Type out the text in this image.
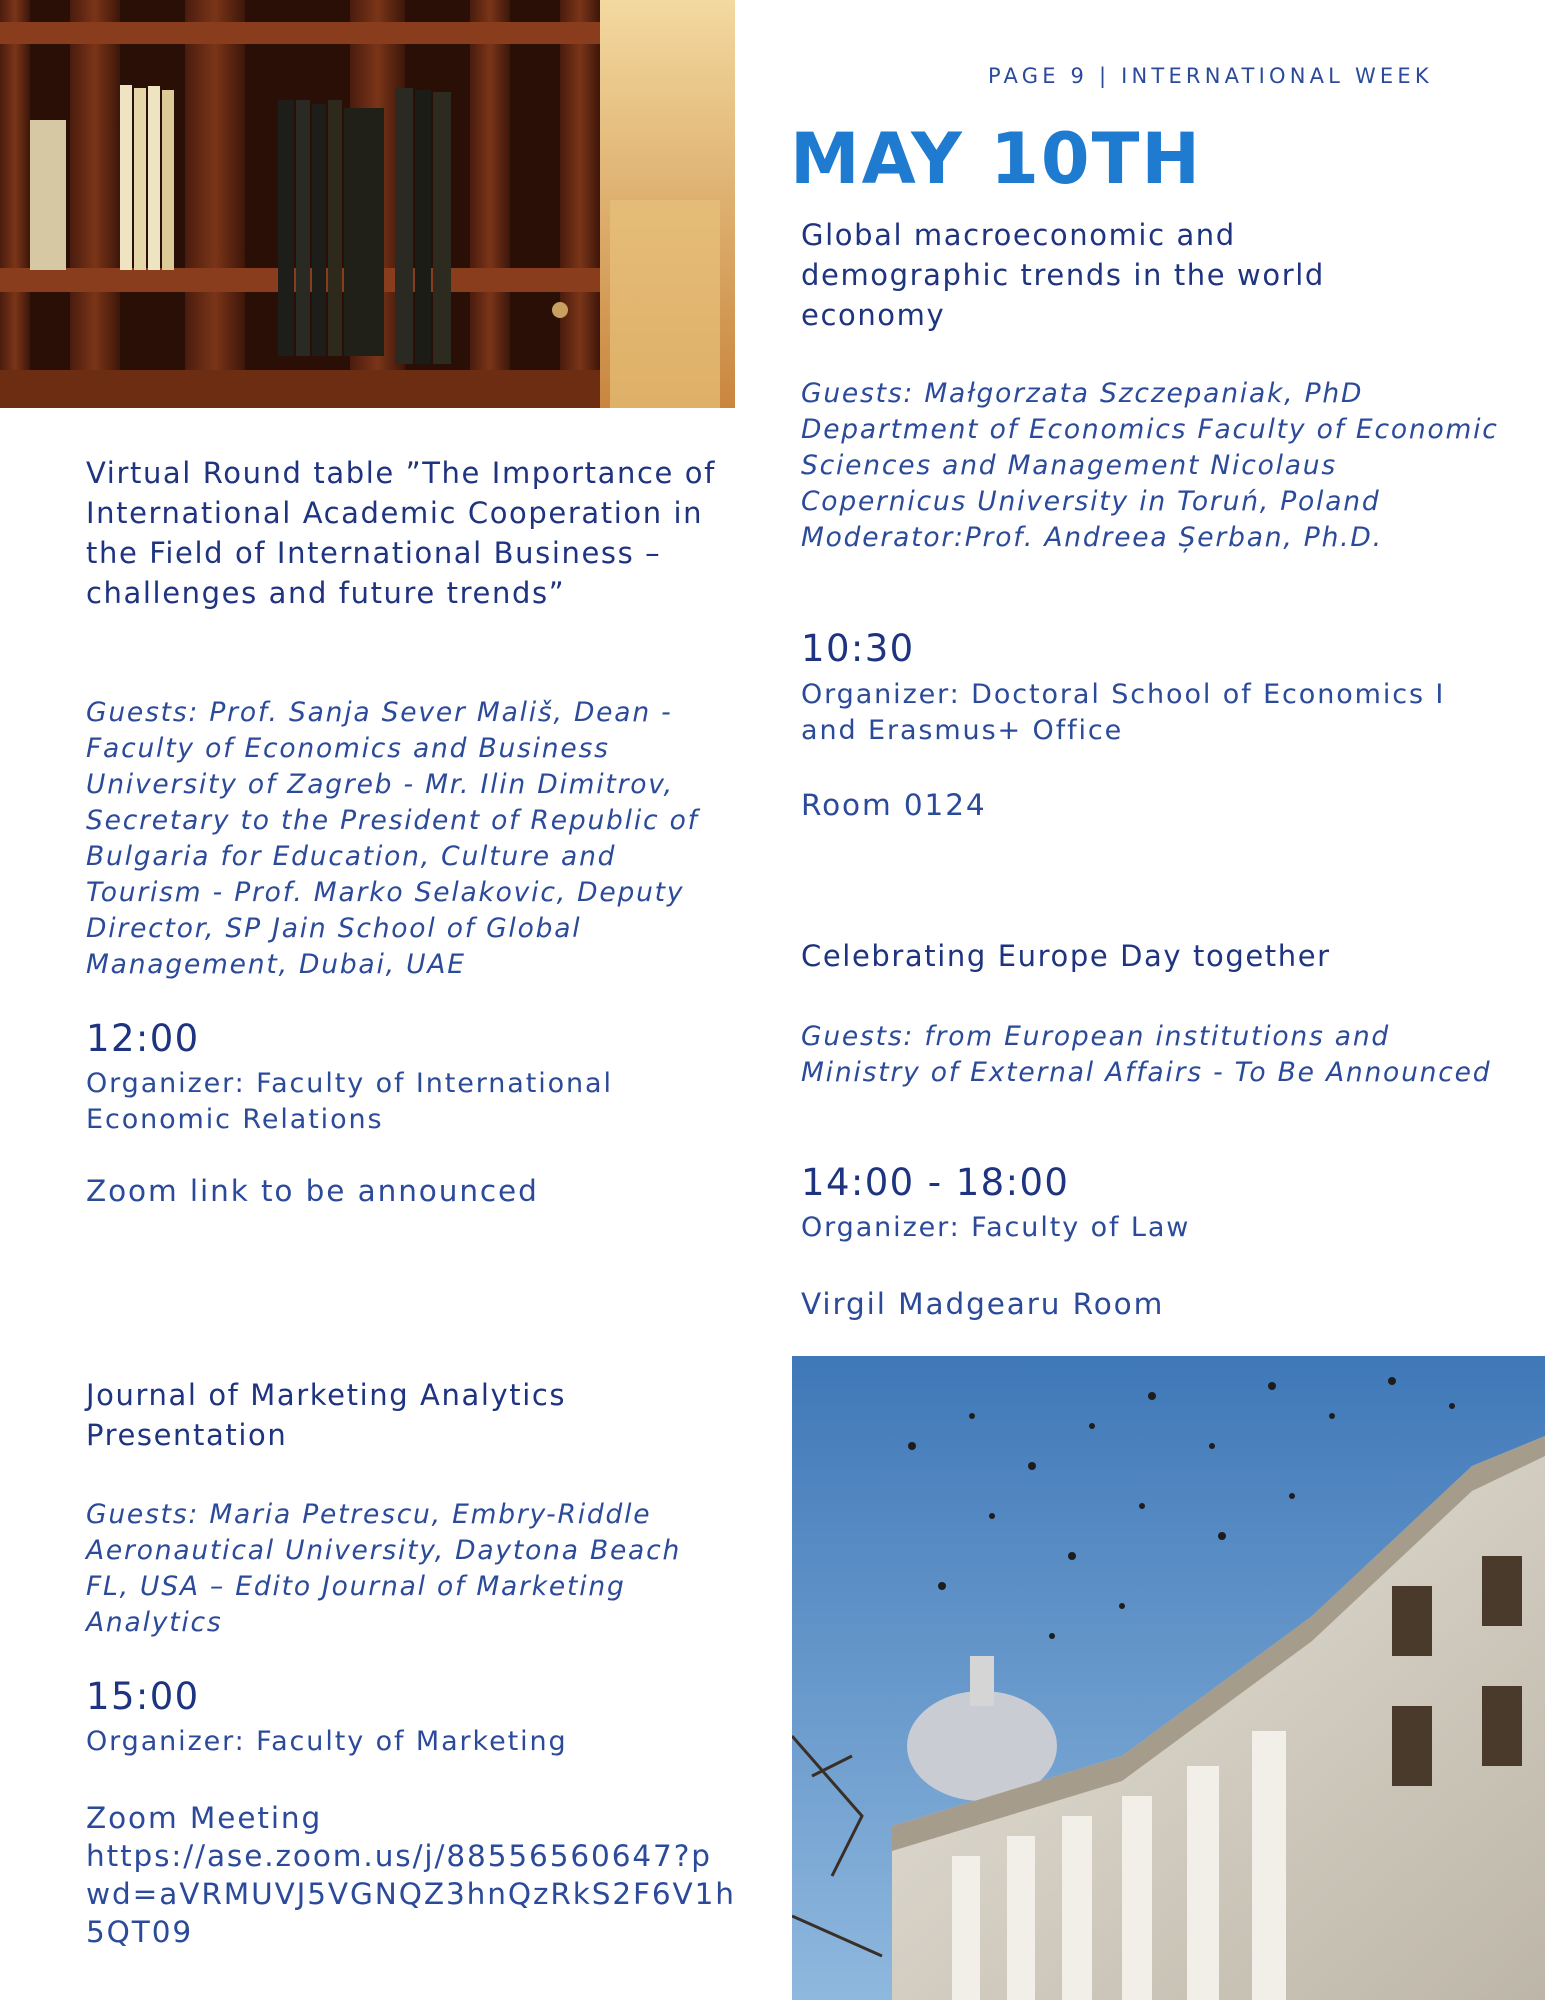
PAGE 9 | INTERNATIONAL WEEK
MAY 10TH
Virtual Round table ”The Importance of International Academic Cooperation in the Field of International Business – challenges and future trends”
Guests: Prof. Sanja Sever Mališ, Dean - Faculty of Economics and Business University of Zagreb - Mr. Ilin Dimitrov, Secretary to the President of Republic of Bulgaria for Education, Culture and Tourism - Prof. Marko Selakovic, Deputy Director, SP Jain School of Global Management, Dubai, UAE
12:00
Organizer: Faculty of International Economic Relations
Zoom link to be announced
Journal of Marketing Analytics Presentation
Guests: Maria Petrescu, Embry-Riddle Aeronautical University, Daytona Beach FL, USA – Edito Journal of Marketing Analytics
15:00
Organizer: Faculty of Marketing
Zoom Meeting
https://ase.zoom.us/j/88556560647?pwd=aVRMUVJ5VGNQZ3hnQzRkS2F6V1h5QT09
Global macroeconomic and demographic trends in the world economy
Guests: Małgorzata Szczepaniak, PhD Department of Economics Faculty of Economic Sciences and Management Nicolaus Copernicus University in Toruń, Poland Moderator:Prof. Andreea Șerban, Ph.D.
10:30
Organizer: Doctoral School of Economics I and Erasmus+ Office
Room 0124
Celebrating Europe Day together
Guests: from European institutions and Ministry of External Affairs - To Be Announced
14:00 - 18:00
Organizer: Faculty of Law
Virgil Madgearu Room
